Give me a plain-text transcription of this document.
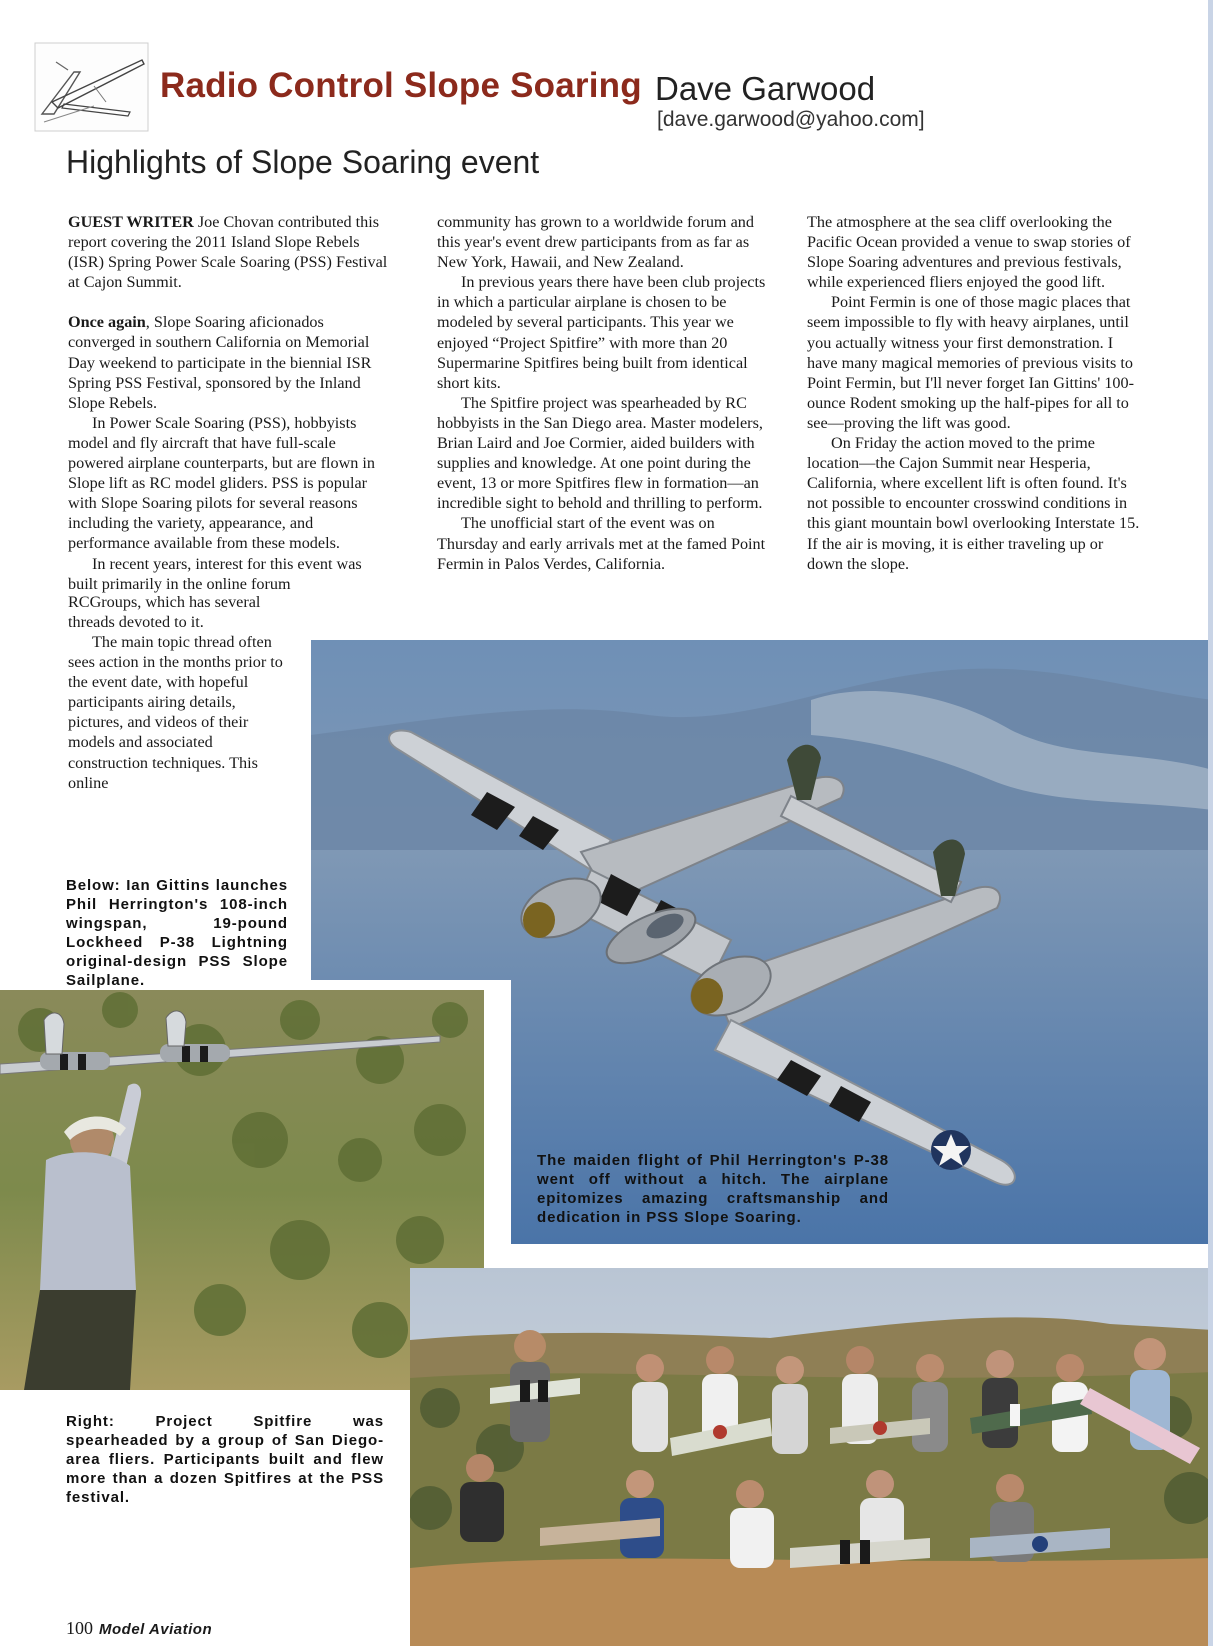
Radio Control Slope Soaring Dave Garwood
[dave.garwood@yahoo.com]
Highlights of Slope Soaring event

GUEST WRITER Joe Chovan contributed this report covering the 2011 Island Slope Rebels (ISR) Spring Power Scale Soaring (PSS) Festival at Cajon Summit.

Once again, Slope Soaring aficionados converged in southern California on Memorial Day weekend to participate in the biennial ISR Spring PSS Festival, sponsored by the Inland Slope Rebels.

In Power Scale Soaring (PSS), hobbyists model and fly aircraft that have full-scale powered airplane counterparts, but are flown in Slope lift as RC model gliders. PSS is popular with Slope Soaring pilots for several reasons including the variety, appearance, and performance available from these models.

In recent years, interest for this event was built primarily in the online forum

RCGroups, which has several threads devoted to it.

The main topic thread often sees action in the months prior to the event date, with hopeful participants airing details, pictures, and videos of their models and associated construction techniques. This online

community has grown to a worldwide forum and this year's event drew participants from as far as New York, Hawaii, and New Zealand.

In previous years there have been club projects in which a particular airplane is chosen to be modeled by several participants. This year we enjoyed “Project Spitfire” with more than 20 Supermarine Spitfires being built from identical short kits.

The Spitfire project was spearheaded by RC hobbyists in the San Diego area. Master modelers, Brian Laird and Joe Cormier, aided builders with supplies and knowledge. At one point during the event, 13 or more Spitfires flew in formation—an incredible sight to behold and thrilling to perform.

The unofficial start of the event was on Thursday and early arrivals met at the famed Point Fermin in Palos Verdes, California.

The atmosphere at the sea cliff overlooking the Pacific Ocean provided a venue to swap stories of Slope Soaring adventures and previous festivals, while experienced fliers enjoyed the good lift.

Point Fermin is one of those magic places that seem impossible to fly with heavy airplanes, until you actually witness your first demonstration. I have many magical memories of previous visits to Point Fermin, but I'll never forget Ian Gittins' 100-ounce Rodent smoking up the half-pipes for all to see—proving the lift was good.

On Friday the action moved to the prime location—the Cajon Summit near Hesperia, California, where excellent lift is often found. It's not possible to encounter crosswind conditions in this giant mountain bowl overlooking Interstate 15. If the air is moving, it is either traveling up or down the slope.

Below: Ian Gittins launches Phil Herrington's 108-inch wingspan, 19-pound Lockheed P-38 Lightning original-design PSS Slope Sailplane.
The maiden flight of Phil Herrington's P-38 went off without a hitch. The airplane epitomizes amazing craftsmanship and dedication in PSS Slope Soaring.
Right: Project Spitfire was spearheaded by a group of San Diego-area fliers. Participants built and flew more than a dozen Spitfires at the PSS festival.
100 Model Aviation
